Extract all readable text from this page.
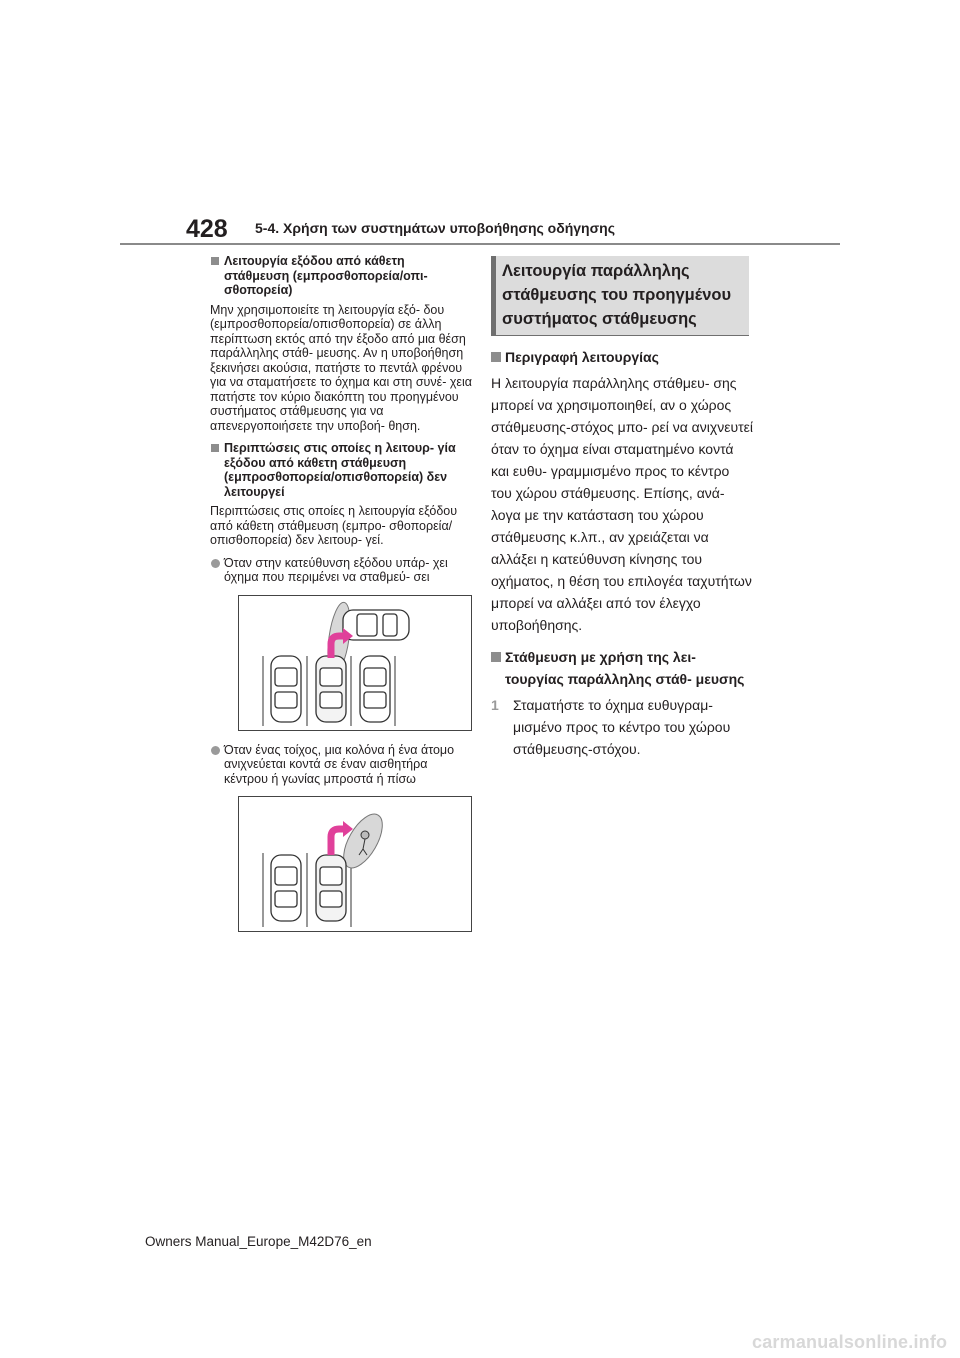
428 5-4. Χρήση των συστημάτων υποβοήθησης οδήγησης
Λειτουργία εξόδου από κάθετη στάθμευση (εμπροσθοπορεία/οπι- σθοπορεία)

Μην χρησιμοποιείτε τη λειτουργία εξό- δου (εμπροσθοπορεία/οπισθοπορεία) σε άλλη περίπτωση εκτός από την έξοδο από μια θέση παράλληλης στάθ- μευσης. Αν η υποβοήθηση ξεκινήσει ακούσια, πατήστε το πεντάλ φρένου για να σταματήσετε το όχημα και στη συνέ- χεια πατήστε τον κύριο διακόπτη του προηγμένου συστήματος στάθμευσης για να απενεργοποιήσετε την υποβοή- θηση.

Περιπτώσεις στις οποίες η λειτουρ- γία εξόδου από κάθετη στάθμευση (εμπροσθοπορεία/οπισθοπορεία) δεν λειτουργεί

Περιπτώσεις στις οποίες η λειτουργία εξόδου από κάθετη στάθμευση (εμπρο- σθοπορεία/οπισθοπορεία) δεν λειτουρ- γεί.

Όταν στην κατεύθυνση εξόδου υπάρ- χει όχημα που περιμένει να σταθμεύ- σει
Όταν ένας τοίχος, μια κολόνα ή ένα άτομο ανιχνεύεται κοντά σε έναν αισθητήρα κέντρου ή γωνίας μπροστά ή πίσω
Λειτουργία παράλληλης στάθμευσης του προηγμένου συστήματος στάθμευσης
Περιγραφή λειτουργίας

Η λειτουργία παράλληλης στάθμευ- σης μπορεί να χρησιμοποιηθεί, αν ο χώρος στάθμευσης-στόχος μπο- ρεί να ανιχνευτεί όταν το όχημα είναι σταματημένο κοντά και ευθυ- γραμμισμένο προς το κέντρο του χώρου στάθμευσης. Επίσης, ανά- λογα με την κατάσταση του χώρου στάθμευσης κ.λπ., αν χρειάζεται να αλλάξει η κατεύθυνση κίνησης του οχήματος, η θέση του επιλογέα ταχυτήτων μπορεί να αλλάξει από τον έλεγχο υποβοήθησης.

Στάθμευση με χρήση της λει- τουργίας παράλληλης στάθ- μευσης
1 Σταματήστε το όχημα ευθυγραμ- μισμένο προς το κέντρο του χώρου στάθμευσης-στόχου.
Owners Manual_Europe_M42D76_en
carmanualsonline.info
